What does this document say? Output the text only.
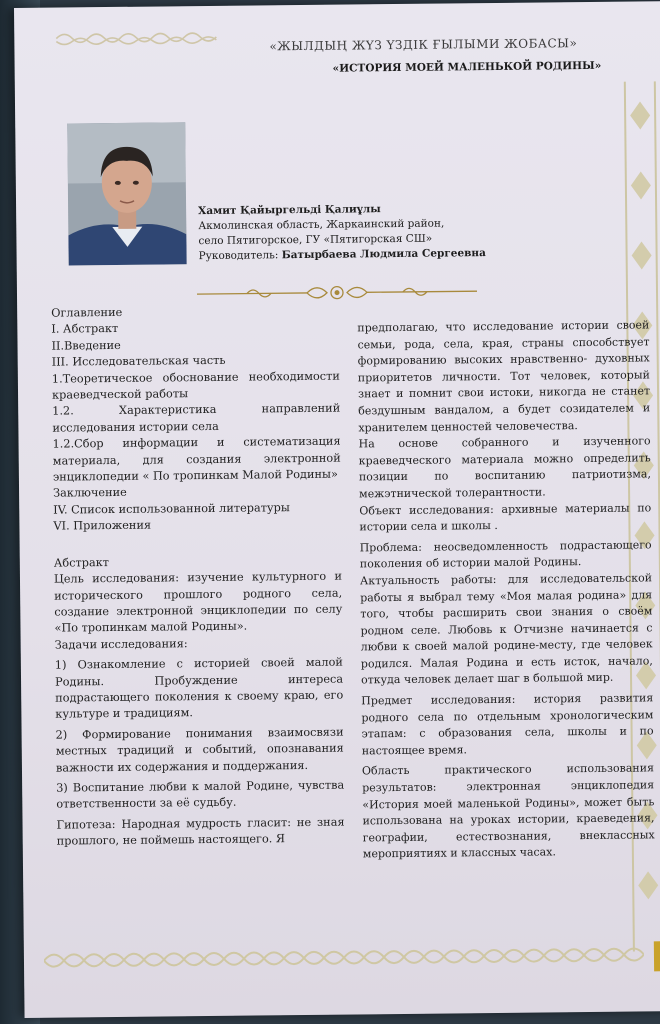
«ЖЫЛДЫҢ ЖҮЗ ҮЗДІК ҒЫЛЫМИ ЖОБАСЫ»
«ИСТОРИЯ МОЕЙ МАЛЕНЬКОЙ РОДИНЫ»
Хамит Қайыргельді Қалиұлы
Акмолинская область, Жаркаинский район,
село Пятигорское, ГУ «Пятигорская СШ»
Руководитель: Батырбаева Людмила Сергеевна

Оглавление

I. Абстракт

II.Введение

III. Исследовательская часть

1.Теоретическое обоснование необходимости краеведческой работы

1.2. Характеристика направлений исследования истории села

1.2.Сбор информации и систематизация материала, для создания электронной энциклопедии « По тропинкам Малой Родины»

Заключение

IV. Список использованной литературы

VI. Приложения

Абстракт

Цель исследования: изучение культурного и исторического прошлого родного села, создание электронной энциклопедии по селу «По тропинкам малой Родины».

Задачи исследования:

1) Ознакомление с историей своей малой Родины. Пробуждение интереса подрастающего поколения к своему краю, его культуре и традициям.

2) Формирование понимания взаимосвязи местных традиций и событий, опознавания важности их содержания и поддержания.

3) Воспитание любви к малой Родине, чувства ответственности за её судьбу.

Гипотеза: Народная мудрость гласит: не зная прошлого, не поймешь настоящего. Я

предполагаю, что исследование истории своей семьи, рода, села, края, страны способствует формированию высоких нравственно- духовных приоритетов личности. Тот человек, который знает и помнит свои истоки, никогда не станет бездушным вандалом, а будет созидателем и хранителем ценностей человечества.

На основе собранного и изученного краеведческого материала можно определить позиции по воспитанию патриотизма, межэтнической толерантности.

Объект исследования: архивные материалы по истории села и школы .

Проблема: неосведомленность подрастающего поколения об истории малой Родины.

Актуальность работы: для исследовательской работы я выбрал тему «Моя малая родина» для того, чтобы расширить свои знания о своём родном селе. Любовь к Отчизне начинается с любви к своей малой родине-месту, где человек родился. Малая Родина и есть исток, начало, откуда человек делает шаг в большой мир.

Предмет исследования: история развития родного села по отдельным хронологическим этапам: с образования села, школы и по настоящее время.

Область практического использования результатов: электронная энциклопедия «История моей маленькой Родины», может быть использована на уроках истории, краеведения, географии, естествознания, внеклассных мероприятиях и классных часах.
